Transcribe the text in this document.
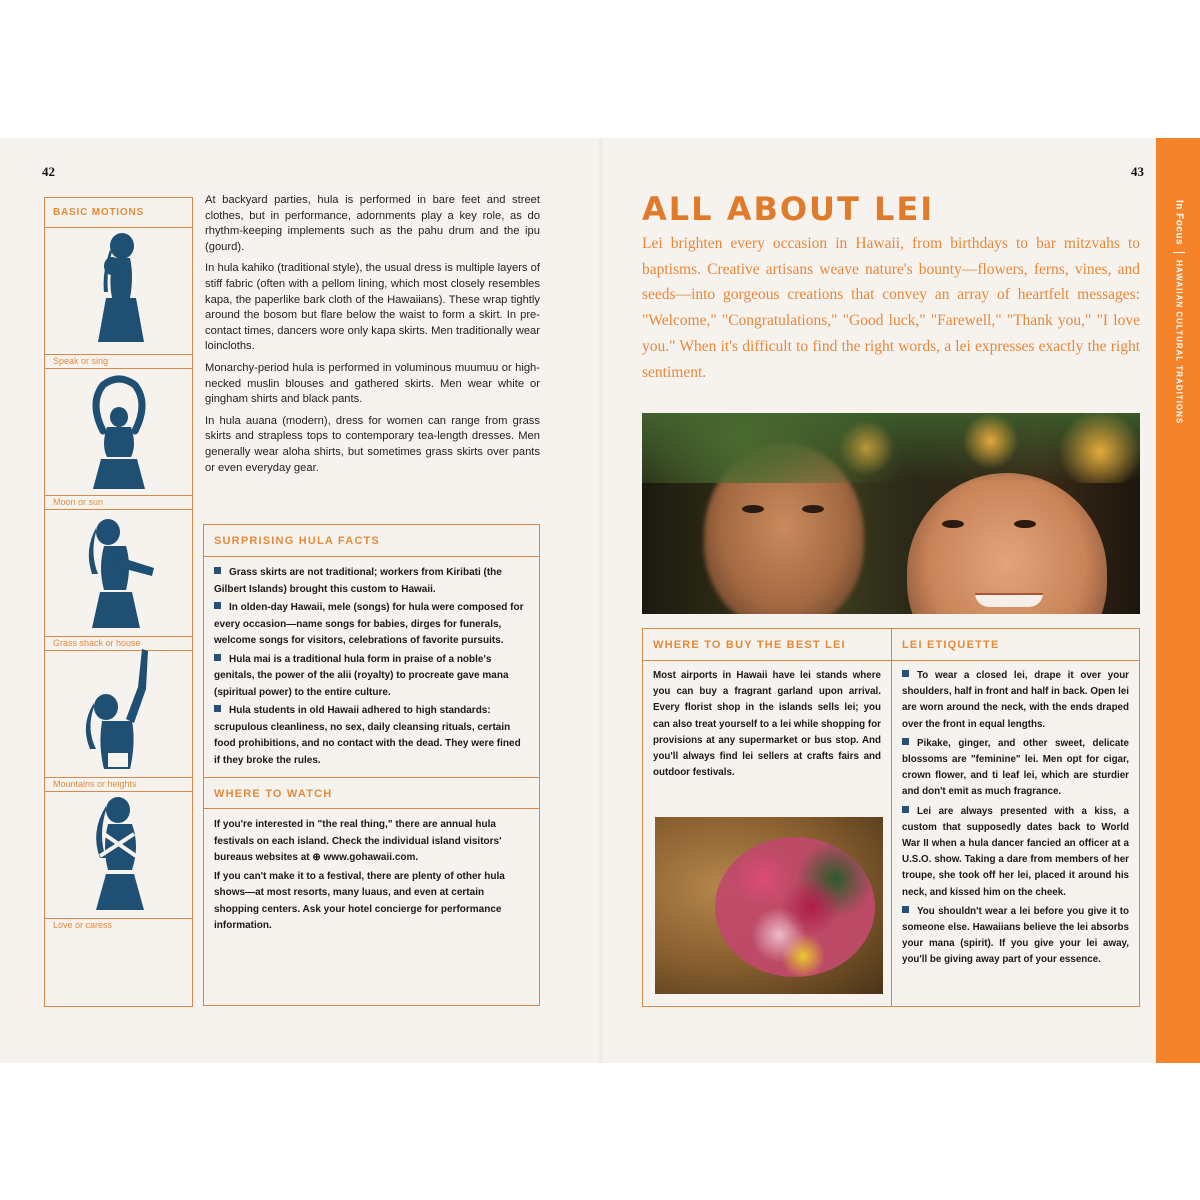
42
BASIC MOTIONS
Speak or sing
Moon or sun
Grass shack or house
Mountains or heights
Love or caress

At backyard parties, hula is performed in bare feet and street clothes, but in performance, adornments play a key role, as do rhythm-keeping implements such as the pahu drum and the ipu (gourd).

In hula kahiko (traditional style), the usual dress is multiple layers of stiff fabric (often with a pellom lining, which most closely resembles kapa, the paperlike bark cloth of the Hawaiians). These wrap tightly around the bosom but flare below the waist to form a skirt. In pre-contact times, dancers wore only kapa skirts. Men traditionally wear loincloths.

Monarchy-period hula is performed in voluminous muumuu or high-necked muslin blouses and gathered skirts. Men wear white or gingham shirts and black pants.

In hula auana (modern), dress for women can range from grass skirts and strapless tops to contemporary tea-length dresses. Men generally wear aloha shirts, but sometimes grass skirts over pants or even everyday gear.

SURPRISING HULA FACTS

Grass skirts are not traditional; workers from Kiribati (the Gilbert Islands) brought this custom to Hawaii.

In olden-day Hawaii, mele (songs) for hula were composed for every occasion—name songs for babies, dirges for funerals, welcome songs for visitors, celebrations of favorite pursuits.

Hula mai is a traditional hula form in praise of a noble's genitals, the power of the alii (royalty) to procreate gave mana (spiritual power) to the entire culture.

Hula students in old Hawaii adhered to high standards: scrupulous cleanliness, no sex, daily cleansing rituals, certain food prohibitions, and no contact with the dead. They were fined if they broke the rules.

WHERE TO WATCH

If you're interested in "the real thing," there are annual hula festivals on each island. Check the individual island visitors' bureaus websites at ⊕ www.gohawaii.com.

If you can't make it to a festival, there are plenty of other hula shows—at most resorts, many luaus, and even at certain shopping centers. Ask your hotel concierge for performance information.

43
In FocusHAWAIIAN CULTURAL TRADITIONS
ALL ABOUT LEI
Lei brighten every occasion in Hawaii, from birthdays to bar mitzvahs to baptisms. Creative artisans weave nature's bounty—flowers, ferns, vines, and seeds—into gorgeous creations that convey an array of heartfelt messages: "Welcome," "Congratulations," "Good luck," "Farewell," "Thank you," "I love you." When it's difficult to find the right words, a lei expresses exactly the right sentiment.
WHERE TO BUY THE BEST LEI
Most airports in Hawaii have lei stands where you can buy a fragrant garland upon arrival. Every florist shop in the islands sells lei; you can also treat yourself to a lei while shopping for provisions at any supermarket or bus stop. And you'll always find lei sellers at crafts fairs and outdoor festivals.
LEI ETIQUETTE

To wear a closed lei, drape it over your shoulders, half in front and half in back. Open lei are worn around the neck, with the ends draped over the front in equal lengths.

Pikake, ginger, and other sweet, delicate blossoms are "feminine" lei. Men opt for cigar, crown flower, and ti leaf lei, which are sturdier and don't emit as much fragrance.

Lei are always presented with a kiss, a custom that supposedly dates back to World War II when a hula dancer fancied an officer at a U.S.O. show. Taking a dare from members of her troupe, she took off her lei, placed it around his neck, and kissed him on the cheek.

You shouldn't wear a lei before you give it to someone else. Hawaiians believe the lei absorbs your mana (spirit). If you give your lei away, you'll be giving away part of your essence.
